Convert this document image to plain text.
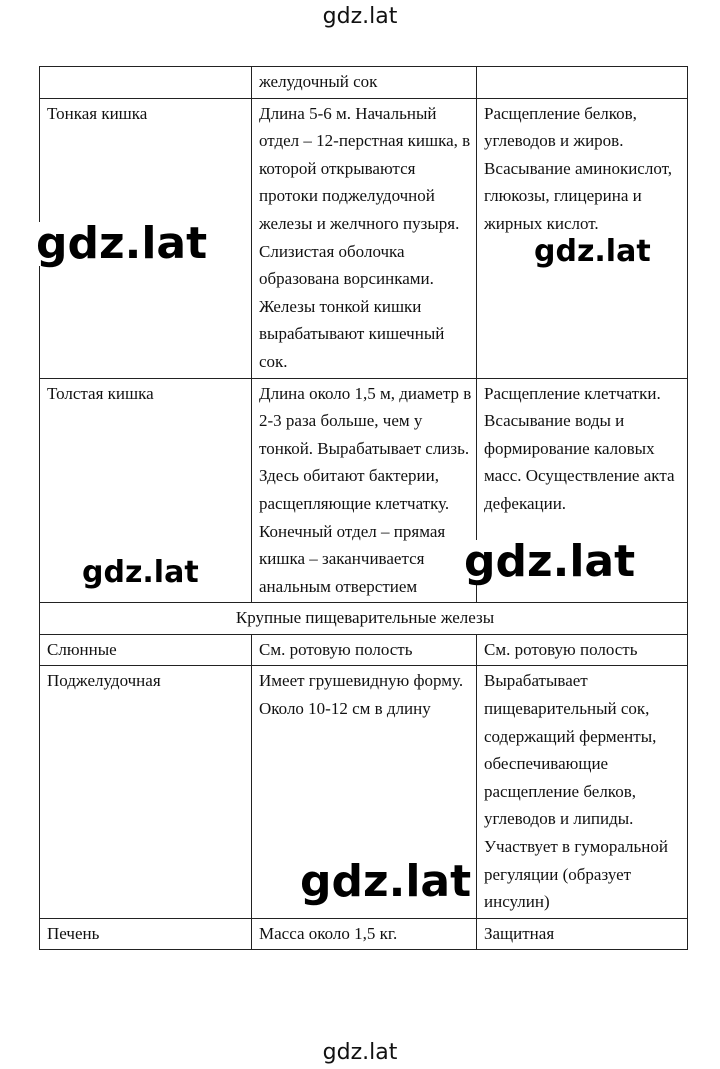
gdz.lat
	желудочный сок	
Тонкая кишка	Длина 5-6 м. Начальный отдел – 12-перстная кишка, в которой открываются протоки поджелудочной железы и желчного пузыря. Слизистая оболочка образована ворсинками. Железы тонкой кишки вырабатывают кишечный сок.	Расщепление белков, углеводов и жиров. Всасывание аминокислот, глюкозы, глицерина и жирных кислот.
Толстая кишка	Длина около 1,5 м, диаметр в 2-3 раза больше, чем у тонкой. Вырабатывает слизь. Здесь обитают бактерии, расщепляющие клетчатку. Конечный отдел – прямая кишка – заканчивается анальным отверстием	Расщепление клетчатки. Всасывание воды и формирование каловых масс. Осуществление акта дефекации.
Крупные пищеварительные железы		
Слюнные	См. ротовую полость	См. ротовую полость
Поджелудочная	Имеет грушевидную форму. Около 10-12 см в длину	Вырабатывает пищеварительный сок, содержащий ферменты, обеспечивающие расщепление белков, углеводов и липиды. Участвует в гуморальной регуляции (образует инсулин)
Печень	Масса около 1,5 кг.	Защитная
gdz.lat	gdz.lat
gdz.lat	gdz.lat
gdz.lat
gdz.lat
